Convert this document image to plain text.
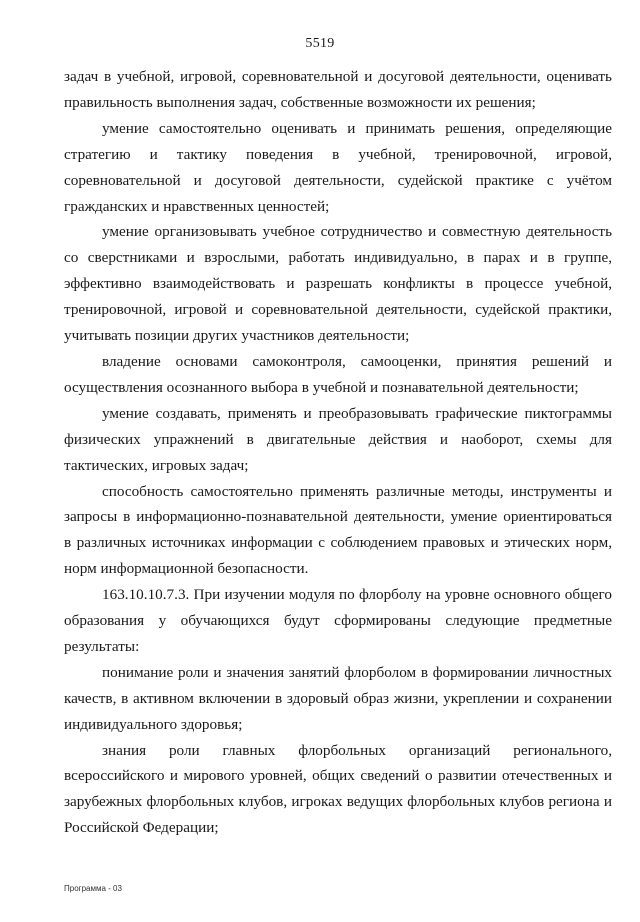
5519

задач в учебной, игровой, соревновательной и досуговой деятельности, оценивать правильность выполнения задач, собственные возможности их решения;

умение самостоятельно оценивать и принимать решения, определяющие стратегию и тактику поведения в учебной, тренировочной, игровой, соревновательной и досуговой деятельности, судейской практике с учётом гражданских и нравственных ценностей;

умение организовывать учебное сотрудничество и совместную деятельность со сверстниками и взрослыми, работать индивидуально, в парах и в группе, эффективно взаимодействовать и разрешать конфликты в процессе учебной, тренировочной, игровой и соревновательной деятельности, судейской практики, учитывать позиции других участников деятельности;

владение основами самоконтроля, самооценки, принятия решений и осуществления осознанного выбора в учебной и познавательной деятельности;

умение создавать, применять и преобразовывать графические пиктограммы физических упражнений в двигательные действия и наоборот, схемы для тактических, игровых задач;

способность самостоятельно применять различные методы, инструменты и запросы в информационно-познавательной деятельности, умение ориентироваться в различных источниках информации с соблюдением правовых и этических норм, норм информационной безопасности.

163.10.10.7.3. При изучении модуля по флорболу на уровне основного общего образования у обучающихся будут сформированы следующие предметные результаты:

понимание роли и значения занятий флорболом в формировании личностных качеств, в активном включении в здоровый образ жизни, укреплении и сохранении индивидуального здоровья;

знания роли главных флорбольных организаций регионального, всероссийского и мирового уровней, общих сведений о развитии отечественных и зарубежных флорбольных клубов, игроках ведущих флорбольных клубов региона и Российской Федерации;

Программа - 03
